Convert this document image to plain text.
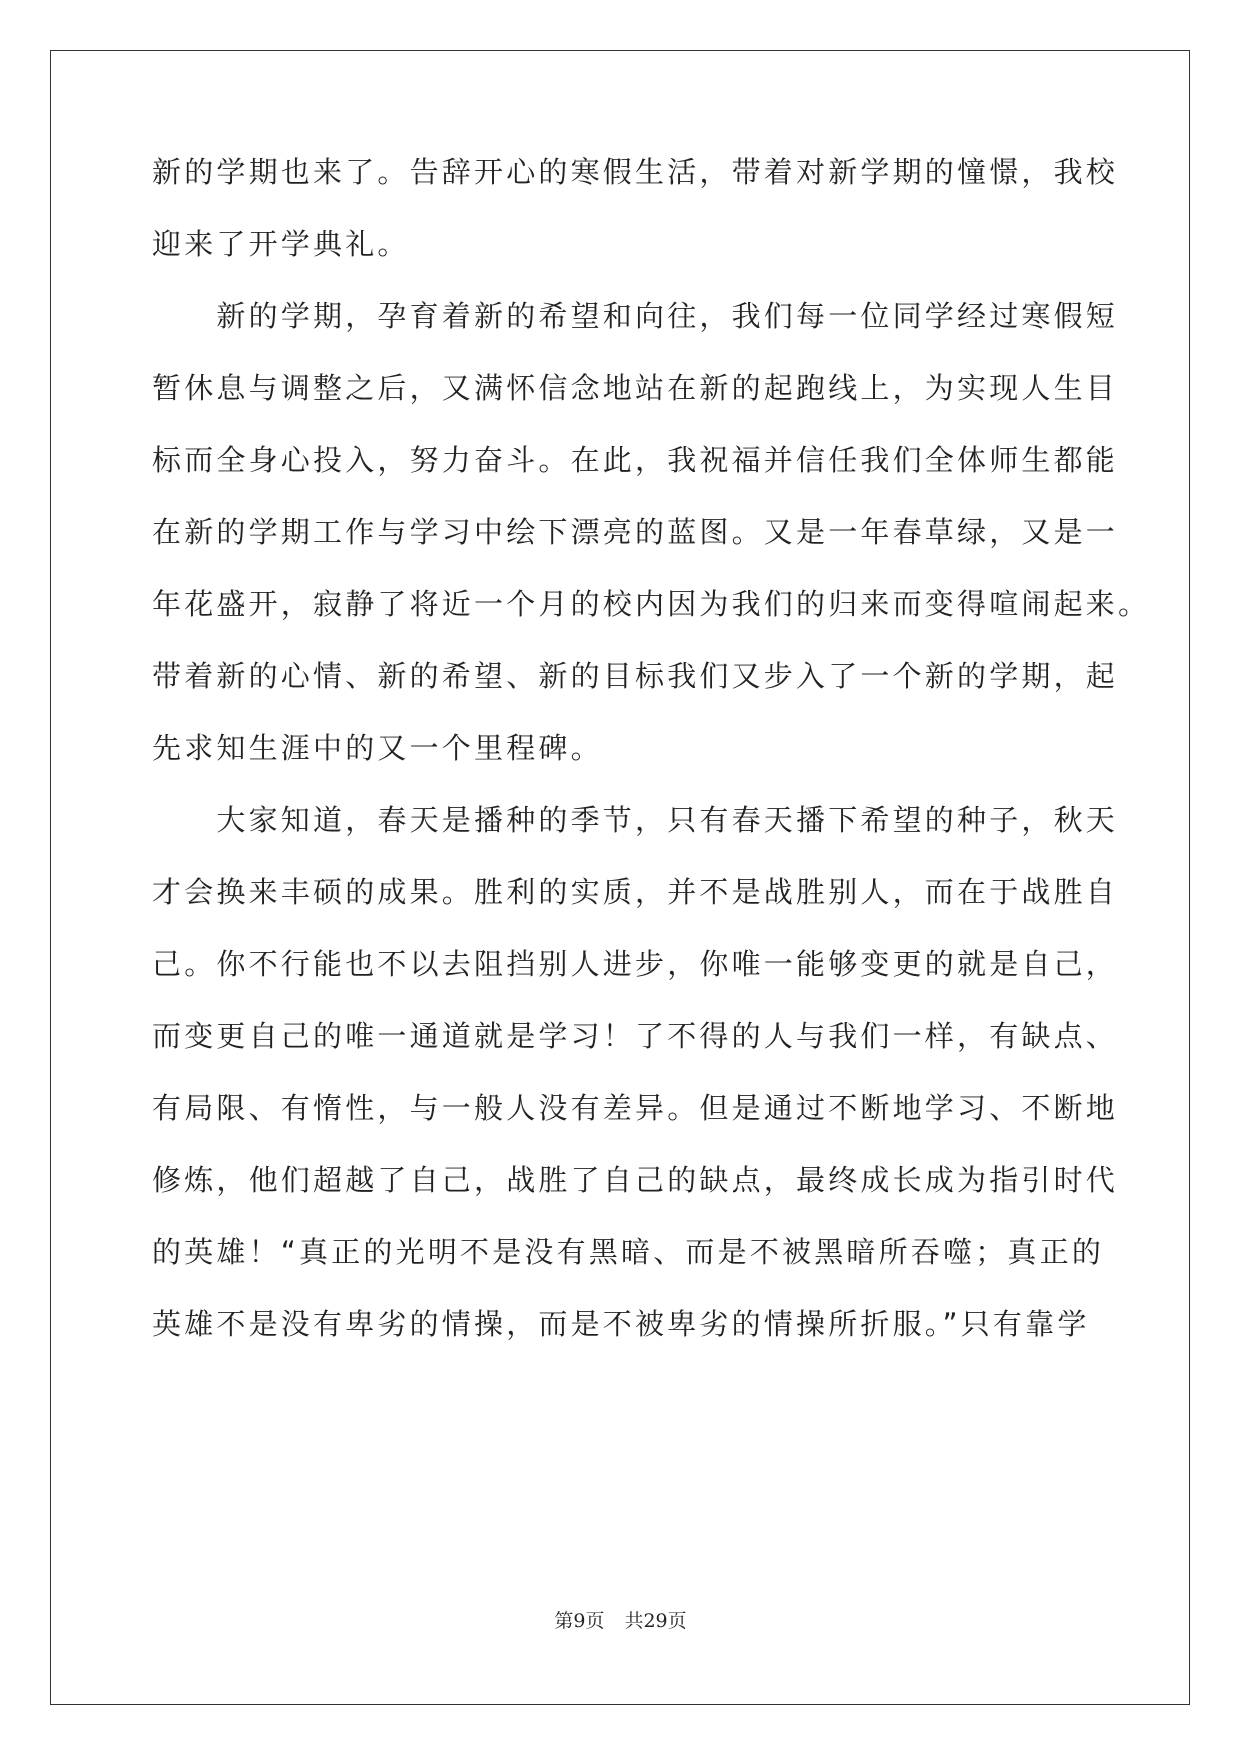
新的学期也来了。告辞开心的寒假生活，带着对新学期的憧憬，我校
迎来了开学典礼。
　　新的学期，孕育着新的希望和向往，我们每一位同学经过寒假短
暂休息与调整之后，又满怀信念地站在新的起跑线上，为实现人生目
标而全身心投入，努力奋斗。在此，我祝福并信任我们全体师生都能
在新的学期工作与学习中绘下漂亮的蓝图。又是一年春草绿，又是一
年花盛开，寂静了将近一个月的校内因为我们的归来而变得喧闹起来。
带着新的心情、新的希望、新的目标我们又步入了一个新的学期，起
先求知生涯中的又一个里程碑。
　　大家知道，春天是播种的季节，只有春天播下希望的种子，秋天
才会换来丰硕的成果。胜利的实质，并不是战胜别人，而在于战胜自
己。你不行能也不以去阻挡别人进步，你唯一能够变更的就是自己，
而变更自己的唯一通道就是学习！了不得的人与我们一样，有缺点、
有局限、有惰性，与一般人没有差异。但是通过不断地学习、不断地
修炼，他们超越了自己，战胜了自己的缺点，最终成长成为指引时代
的英雄！“真正的光明不是没有黑暗、而是不被黑暗所吞噬；真正的
英雄不是没有卑劣的情操，而是不被卑劣的情操所折服。”只有靠学
第9页 共29页
